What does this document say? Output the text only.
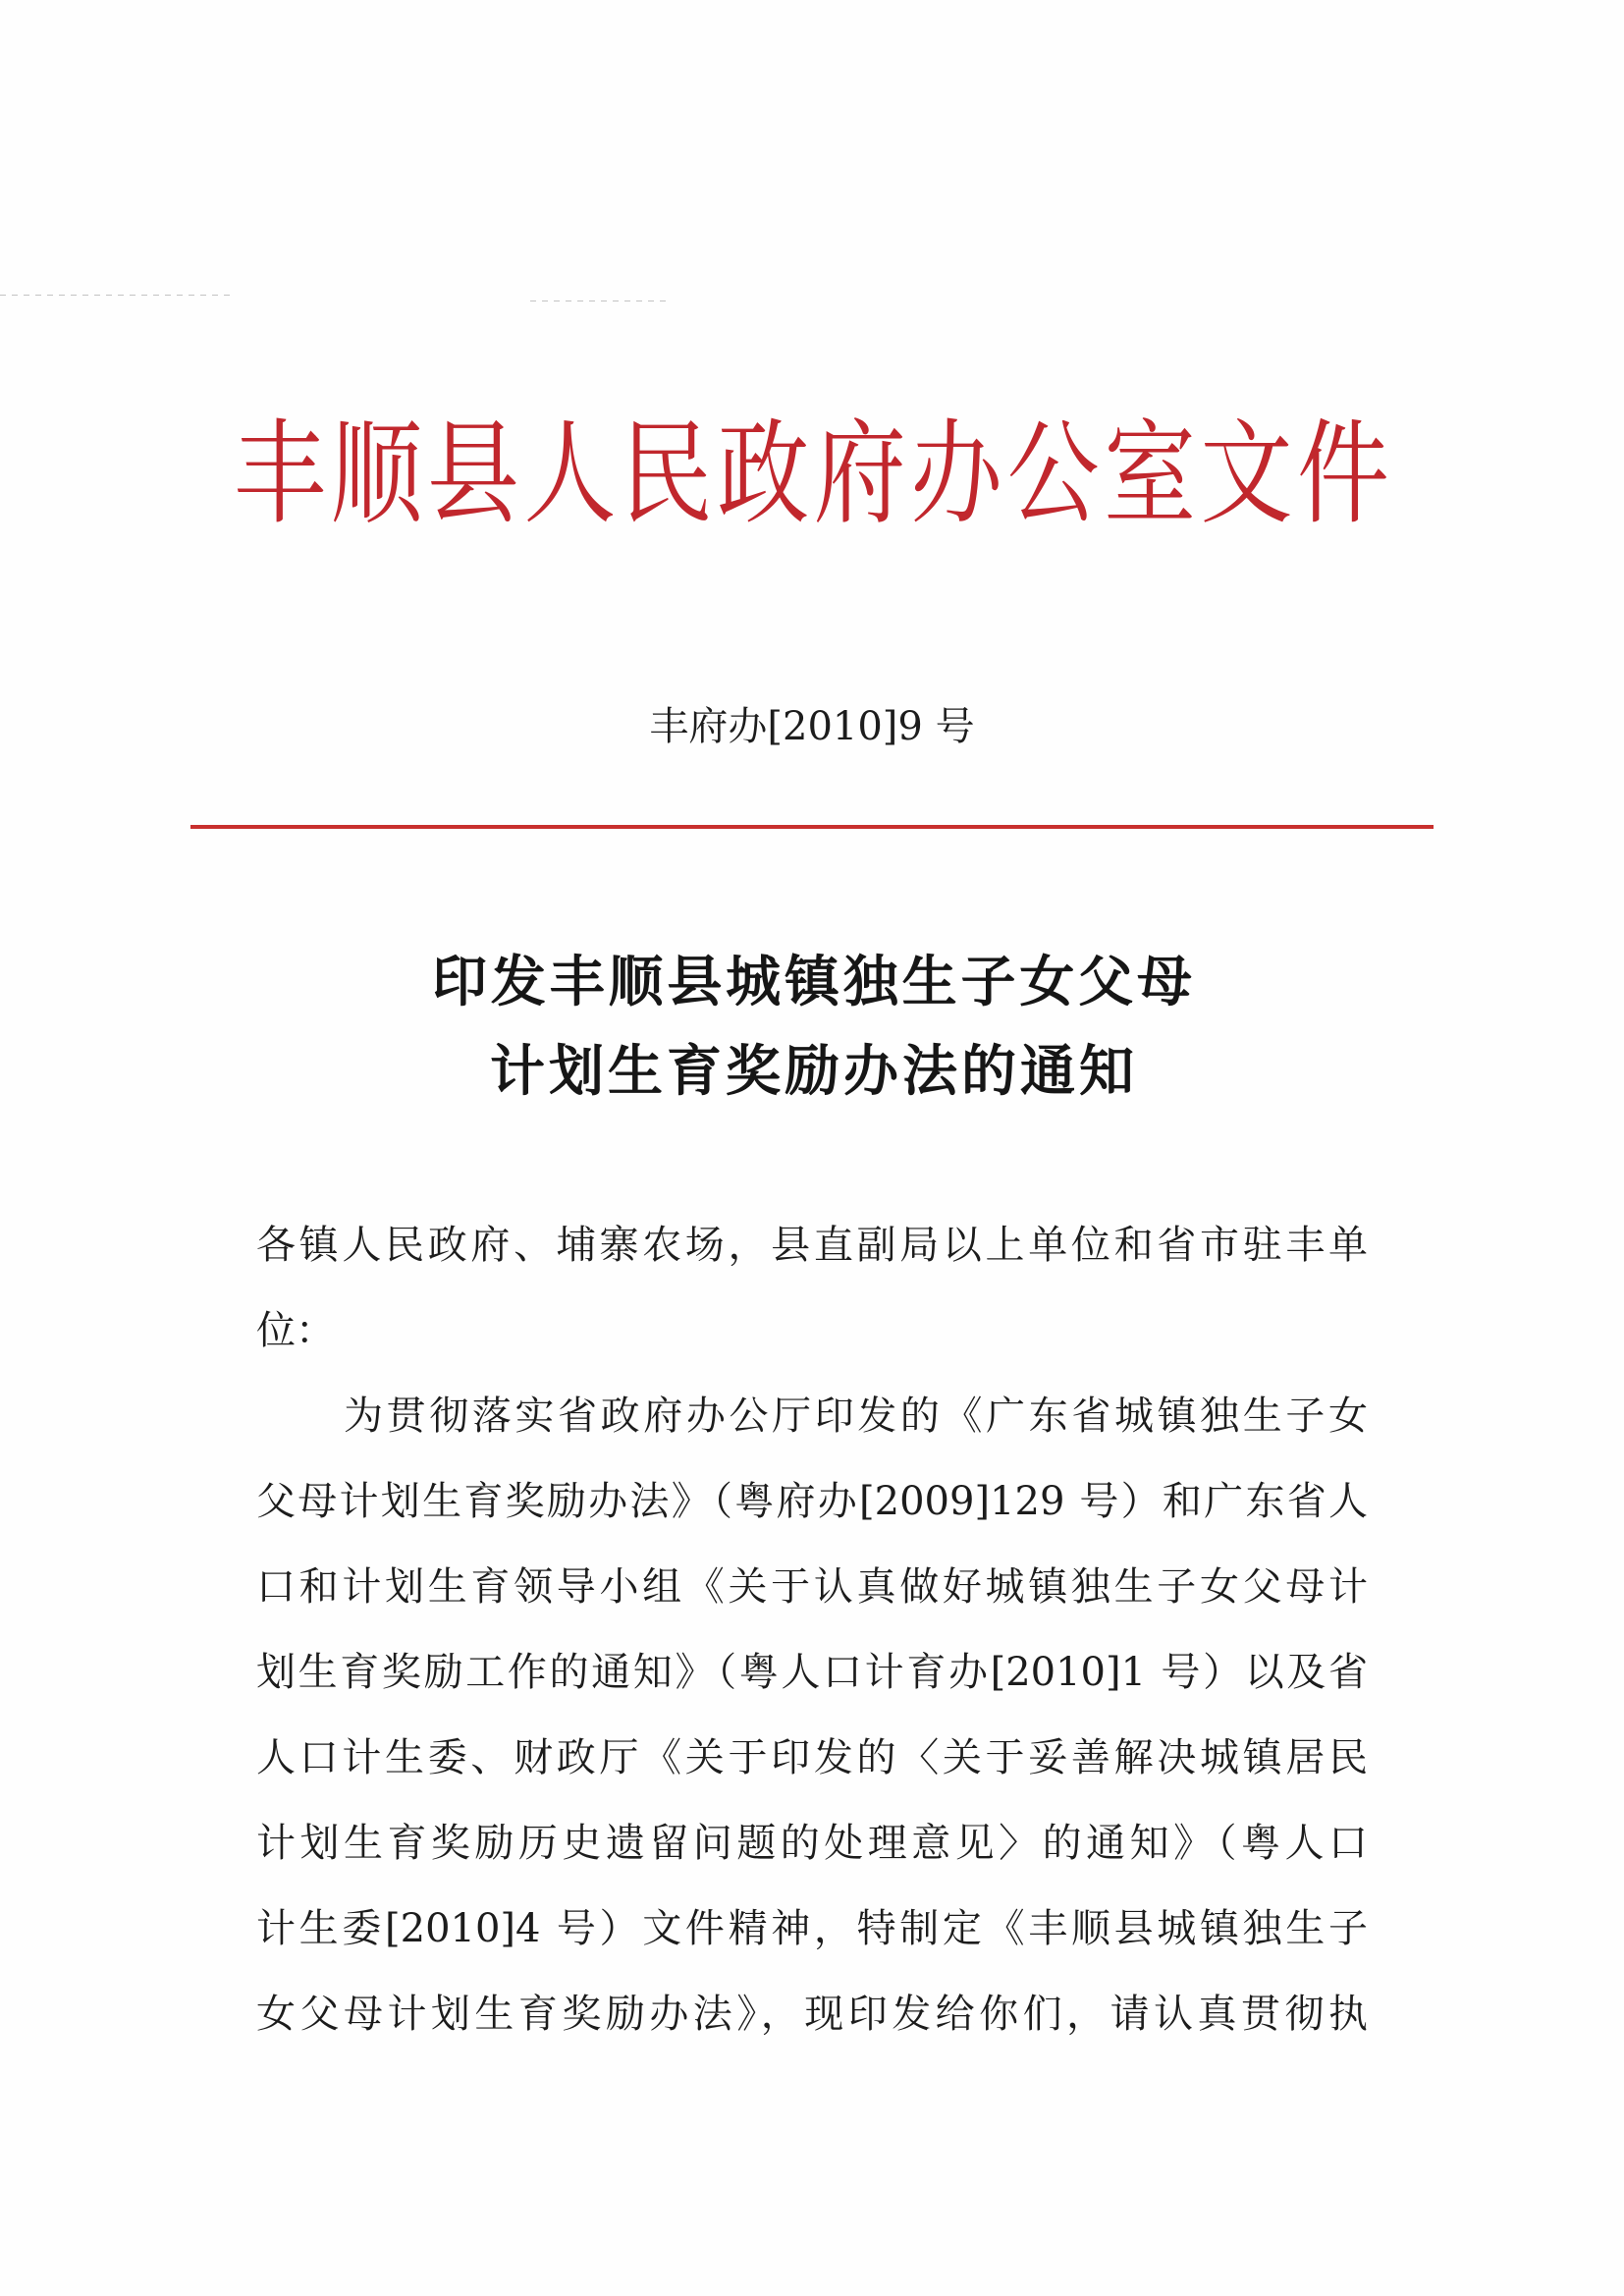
丰顺县人民政府办公室文件
丰府办[2010]9 号
印发丰顺县城镇独生子女父母
计划生育奖励办法的通知
各镇人民政府、埔寨农场，县直副局以上单位和省市驻丰单
位：
为贯彻落实省政府办公厅印发的《广东省城镇独生子女
父母计划生育奖励办法》（粤府办[2009]129 号）和广东省人
口和计划生育领导小组《关于认真做好城镇独生子女父母计
划生育奖励工作的通知》（粤人口计育办[2010]1 号）以及省
人口计生委、财政厅《关于印发的〈关于妥善解决城镇居民
计划生育奖励历史遗留问题的处理意见〉的通知》（粤人口
计生委[2010]4 号）文件精神，特制定《丰顺县城镇独生子
女父母计划生育奖励办法》，现印发给你们，请认真贯彻执
